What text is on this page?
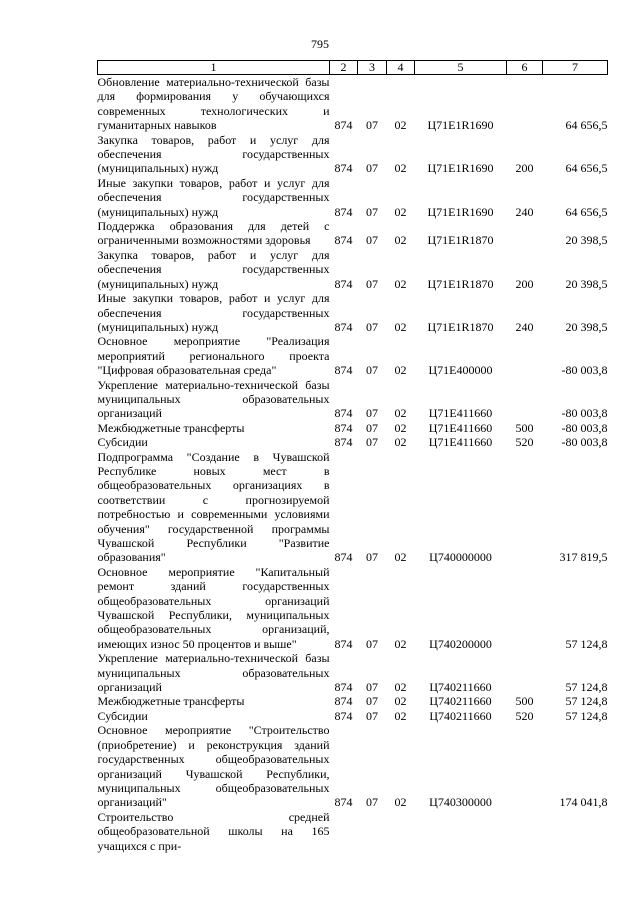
795
1	2	3	4	5	6	7
Обновление материально-технической базы для формирования у обучающихся современных технологических и гуманитарных навыков	874	07	02	Ц71Е1R1690		64 656,5
Закупка товаров, работ и услуг для обеспечения государственных (муниципальных) нужд	874	07	02	Ц71Е1R1690	200	64 656,5
Иные закупки товаров, работ и услуг для обеспечения государственных (муниципальных) нужд	874	07	02	Ц71Е1R1690	240	64 656,5
Поддержка образования для детей с ограниченными возможностями здоровья	874	07	02	Ц71Е1R1870		20 398,5
Закупка товаров, работ и услуг для обеспечения государственных (муниципальных) нужд	874	07	02	Ц71Е1R1870	200	20 398,5
Иные закупки товаров, работ и услуг для обеспечения государственных (муниципальных) нужд	874	07	02	Ц71Е1R1870	240	20 398,5
Основное мероприятие "Реализация мероприятий регионального проекта "Цифровая образовательная среда"	874	07	02	Ц71Е400000		-80 003,8
Укрепление материально-технической базы муниципальных образовательных организаций	874	07	02	Ц71Е411660		-80 003,8
Межбюджетные трансферты	874	07	02	Ц71Е411660	500	-80 003,8
Субсидии	874	07	02	Ц71Е411660	520	-80 003,8
Подпрограмма "Создание в Чувашской Республике новых мест в общеобразовательных организациях в соответствии с прогнозируемой потребностью и современными условиями обучения" государственной программы Чувашской Республики "Развитие образования"	874	07	02	Ц740000000		317 819,5
Основное мероприятие "Капитальный ремонт зданий государственных общеобразовательных организаций Чувашской Республики, муниципальных общеобразовательных организаций, имеющих износ 50 процентов и выше"	874	07	02	Ц740200000		57 124,8
Укрепление материально-технической базы муниципальных образовательных организаций	874	07	02	Ц740211660		57 124,8
Межбюджетные трансферты	874	07	02	Ц740211660	500	57 124,8
Субсидии	874	07	02	Ц740211660	520	57 124,8
Основное мероприятие "Строительство (приобретение) и реконструкция зданий государственных общеобразовательных организаций Чувашской Республики, муниципальных общеобразовательных организаций"	874	07	02	Ц740300000		174 041,8
Строительство средней общеобразовательной школы на 165 учащихся с при-						
